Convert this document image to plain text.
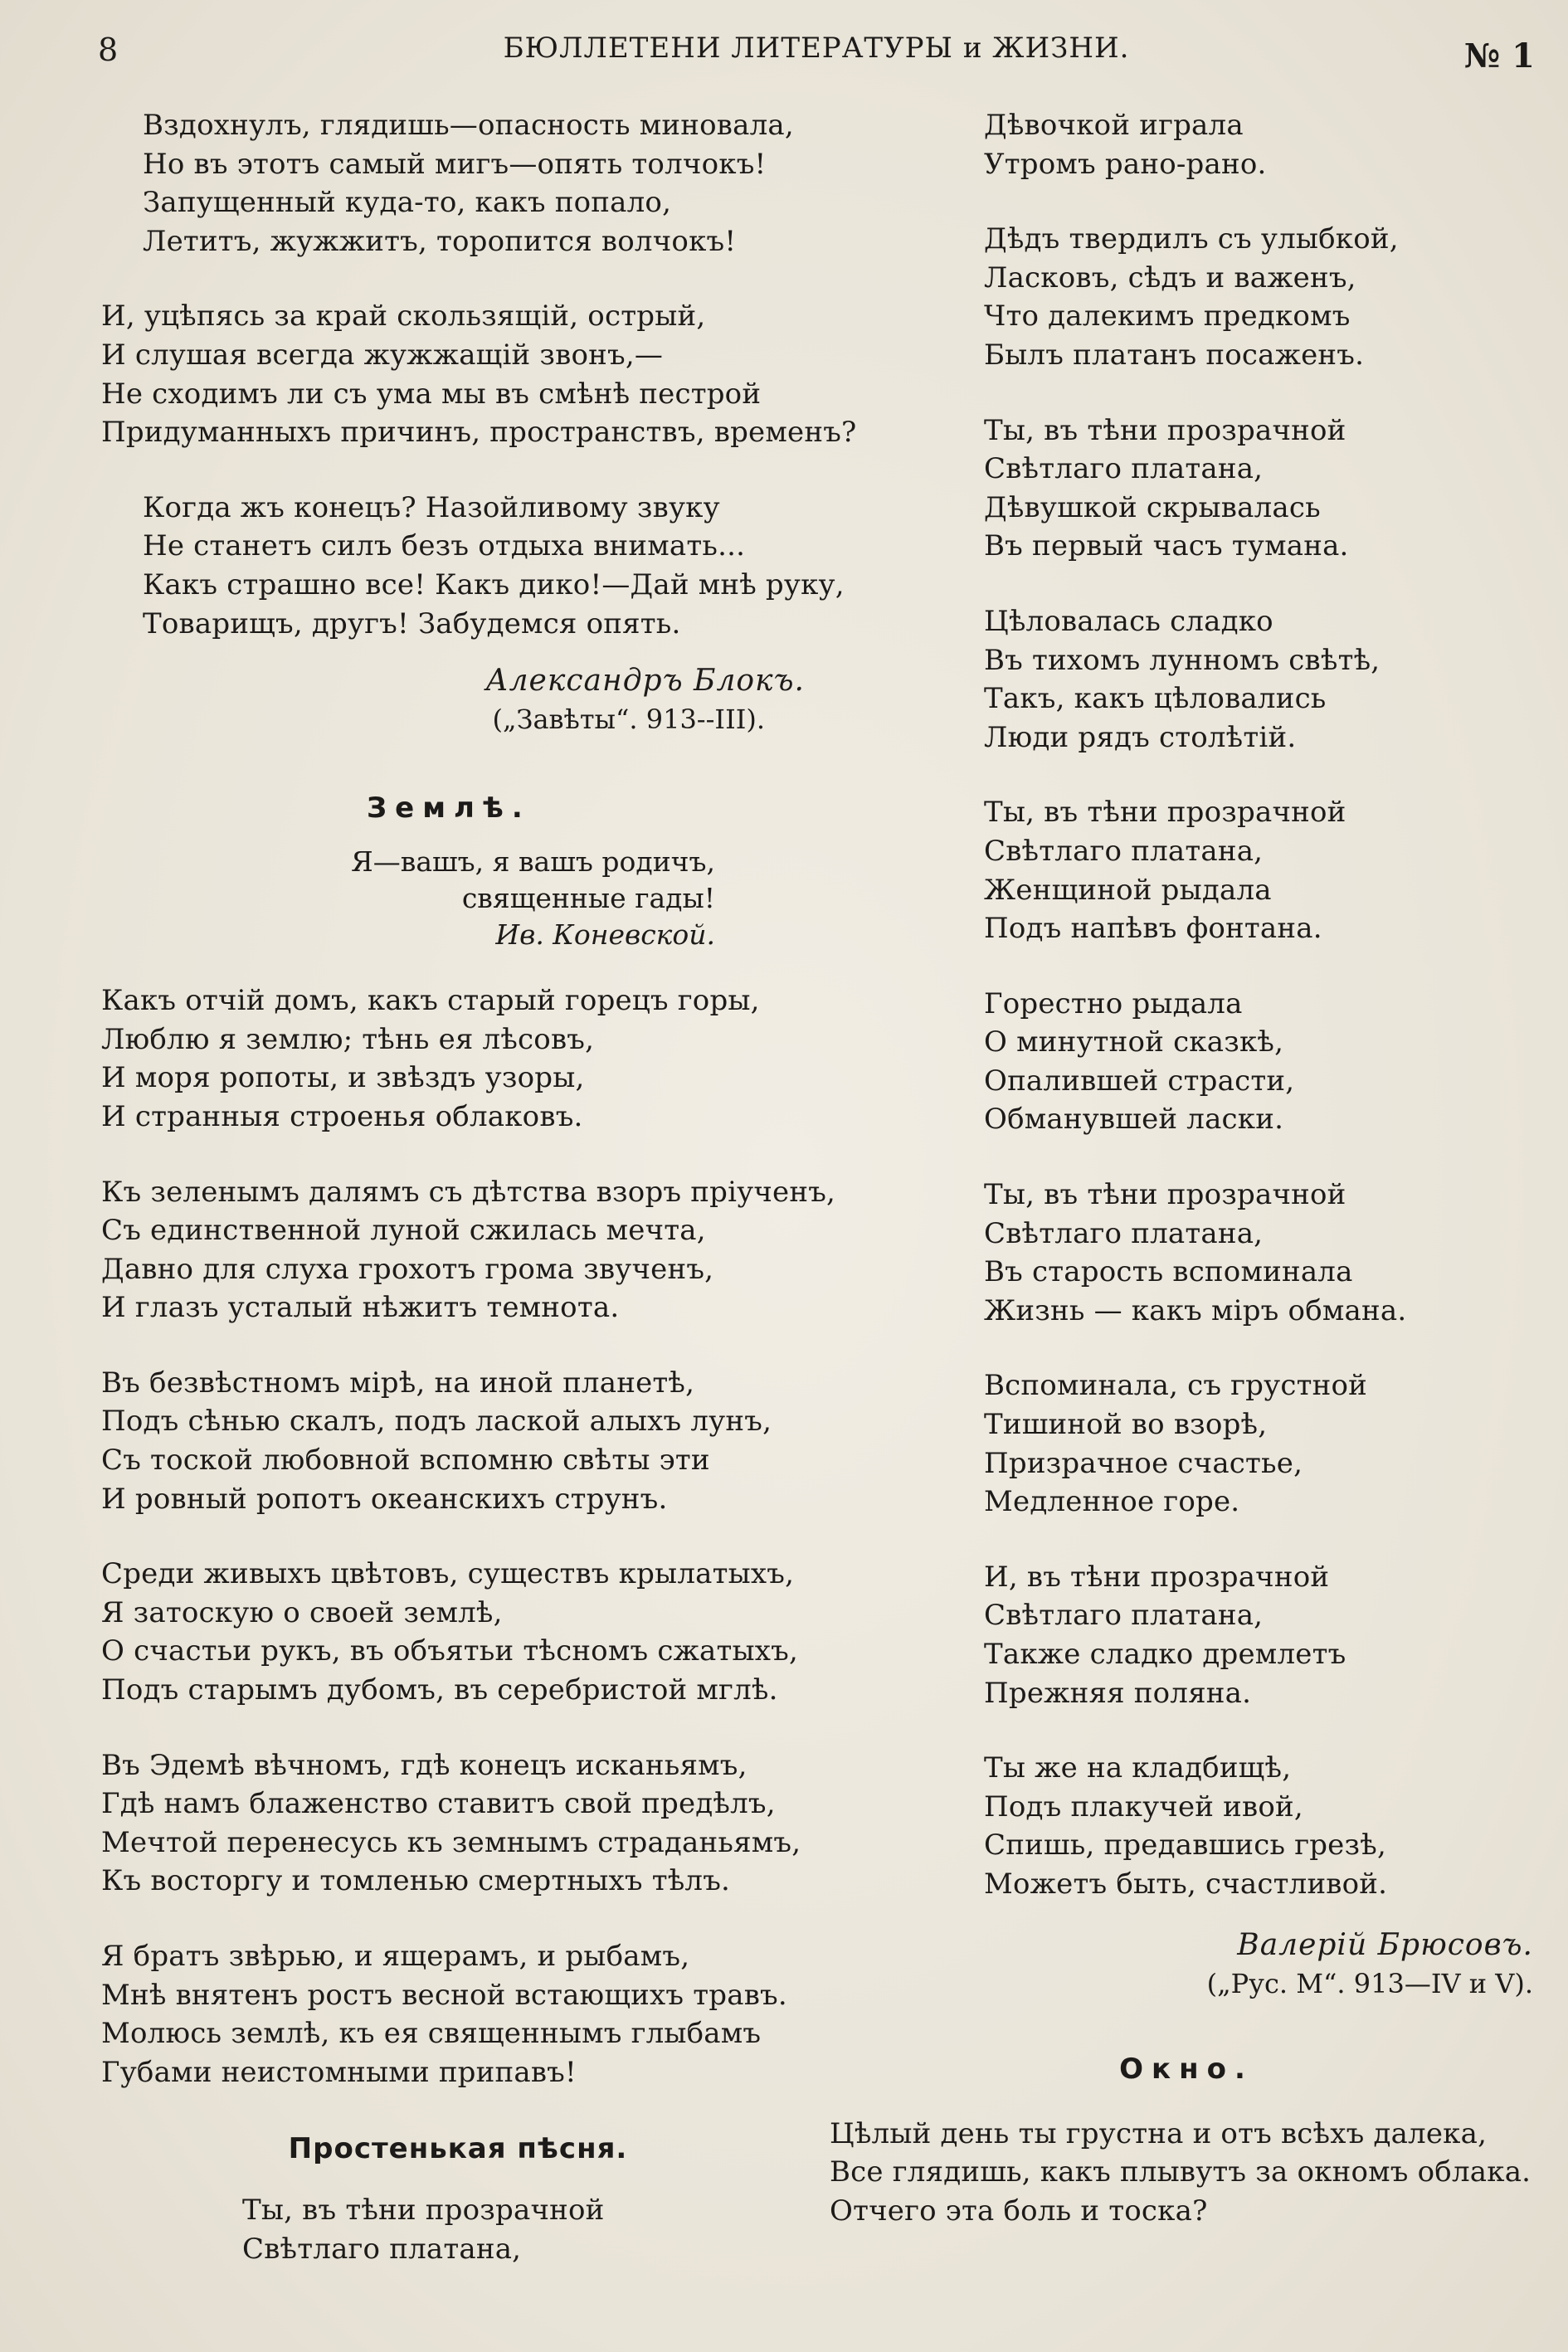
8	БЮЛЛЕТЕНИ ЛИТЕРАТУРЫ и ЖИЗНИ.	№ 1
Вздохнулъ, глядишь—опасность миновала,
Но въ этотъ самый мигъ—опять толчокъ!
Запущенный куда-то, какъ попало,
Летитъ, жужжитъ, торопится волчокъ!
И, уцѣпясь за край скользящій, острый,
И слушая всегда жужжащій звонъ,—
Не сходимъ ли съ ума мы въ смѣнѣ пестрой
Придуманныхъ причинъ, пространствъ, временъ?
Когда жъ конецъ? Назойливому звуку
Не станетъ силъ безъ отдыха внимать...
Какъ страшно все! Какъ дико!—Дай мнѣ руку,
Товарищъ, другъ! Забудемся опять.
Александръ Блокъ.
(„Завѣты“. 913--III).
Землѣ.
Я—вашъ, я вашъ родичъ,
священные гады!
Ив. Коневской.
Какъ отчій домъ, какъ старый горецъ горы,
Люблю я землю; тѣнь ея лѣсовъ,
И моря ропоты, и звѣздъ узоры,
И странныя строенья облаковъ.
Къ зеленымъ далямъ съ дѣтства взоръ пріученъ,
Съ единственной луной сжилась мечта,
Давно для слуха грохотъ грома звученъ,
И глазъ усталый нѣжитъ темнота.
Въ безвѣстномъ мірѣ, на иной планетѣ,
Подъ сѣнью скалъ, подъ лаской алыхъ лунъ,
Съ тоской любовной вспомню свѣты эти
И ровный ропотъ океанскихъ струнъ.
Среди живыхъ цвѣтовъ, существъ крылатыхъ,
Я затоскую о своей землѣ,
О счастьи рукъ, въ объятьи тѣсномъ сжатыхъ,
Подъ старымъ дубомъ, въ серебристой мглѣ.
Въ Эдемѣ вѣчномъ, гдѣ конецъ исканьямъ,
Гдѣ намъ блаженство ставитъ свой предѣлъ,
Мечтой перенесусь къ земнымъ страданьямъ,
Къ восторгу и томленью смертныхъ тѣлъ.
Я братъ звѣрью, и ящерамъ, и рыбамъ,
Мнѣ внятенъ ростъ весной встающихъ травъ.
Молюсь землѣ, къ ея священнымъ глыбамъ
Губами неистомными припавъ!
Простенькая пѣсня.
Ты, въ тѣни прозрачной
Свѣтлаго платана,
Дѣвочкой играла
Утромъ рано-рано.
Дѣдъ твердилъ съ улыбкой,
Ласковъ, сѣдъ и важенъ,
Что далекимъ предкомъ
Былъ платанъ посаженъ.
Ты, въ тѣни прозрачной
Свѣтлаго платана,
Дѣвушкой скрывалась
Въ первый часъ тумана.
Цѣловалась сладко
Въ тихомъ лунномъ свѣтѣ,
Такъ, какъ цѣловались
Люди рядъ столѣтій.
Ты, въ тѣни прозрачной
Свѣтлаго платана,
Женщиной рыдала
Подъ напѣвъ фонтана.
Горестно рыдала
О минутной сказкѣ,
Опалившей страсти,
Обманувшей ласки.
Ты, въ тѣни прозрачной
Свѣтлаго платана,
Въ старость вспоминала
Жизнь — какъ міръ обмана.
Вспоминала, съ грустной
Тишиной во взорѣ,
Призрачное счастье,
Медленное горе.
И, въ тѣни прозрачной
Свѣтлаго платана,
Также сладко дремлетъ
Прежняя поляна.
Ты же на кладбищѣ,
Подъ плакучей ивой,
Спишь, предавшись грезѣ,
Можетъ быть, счастливой.
Валерій Брюсовъ.
(„Рус. М“. 913—IV и V).
Окно.
Цѣлый день ты грустна и отъ всѣхъ далека,
Все глядишь, какъ плывутъ за окномъ облака.
Отчего эта боль и тоска?
